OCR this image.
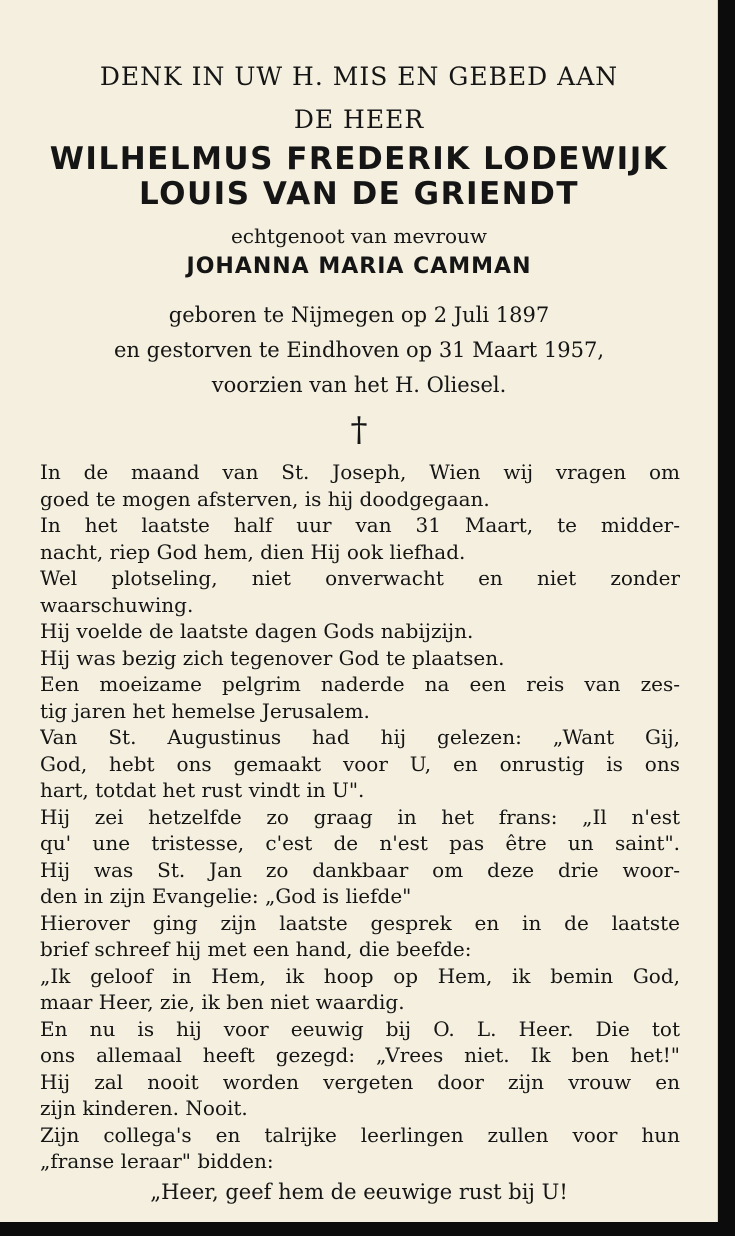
DENK IN UW H. MIS EN GEBED AAN
DE HEER
WILHELMUS FREDERIK LODEWIJK
LOUIS VAN DE GRIENDT
echtgenoot van mevrouw
JOHANNA MARIA CAMMAN
geboren te Nijmegen op 2 Juli 1897
en gestorven te Eindhoven op 31 Maart 1957,
voorzien van het H. Oliesel.
†
In de maand van St. Joseph, Wien wij vragen om
goed te mogen afsterven, is hij doodgegaan.
In het laatste half uur van 31 Maart, te midder-
nacht, riep God hem, dien Hij ook liefhad.
Wel plotseling, niet onverwacht en niet zonder
waarschuwing.
Hij voelde de laatste dagen Gods nabijzijn.
Hij was bezig zich tegenover God te plaatsen.
Een moeizame pelgrim naderde na een reis van zes-
tig jaren het hemelse Jerusalem.
Van St. Augustinus had hij gelezen: „Want Gij,
God, hebt ons gemaakt voor U, en onrustig is ons
hart, totdat het rust vindt in U".
Hij zei hetzelfde zo graag in het frans: „Il n'est
qu' une tristesse, c'est de n'est pas être un saint".
Hij was St. Jan zo dankbaar om deze drie woor-
den in zijn Evangelie: „God is liefde"
Hierover ging zijn laatste gesprek en in de laatste
brief schreef hij met een hand, die beefde:
„Ik geloof in Hem, ik hoop op Hem, ik bemin God,
maar Heer, zie, ik ben niet waardig.
En nu is hij voor eeuwig bij O. L. Heer. Die tot
ons allemaal heeft gezegd: „Vrees niet. Ik ben het!"
Hij zal nooit worden vergeten door zijn vrouw en
zijn kinderen. Nooit.
Zijn collega's en talrijke leerlingen zullen voor hun
„franse leraar" bidden:
„Heer, geef hem de eeuwige rust bij U!
